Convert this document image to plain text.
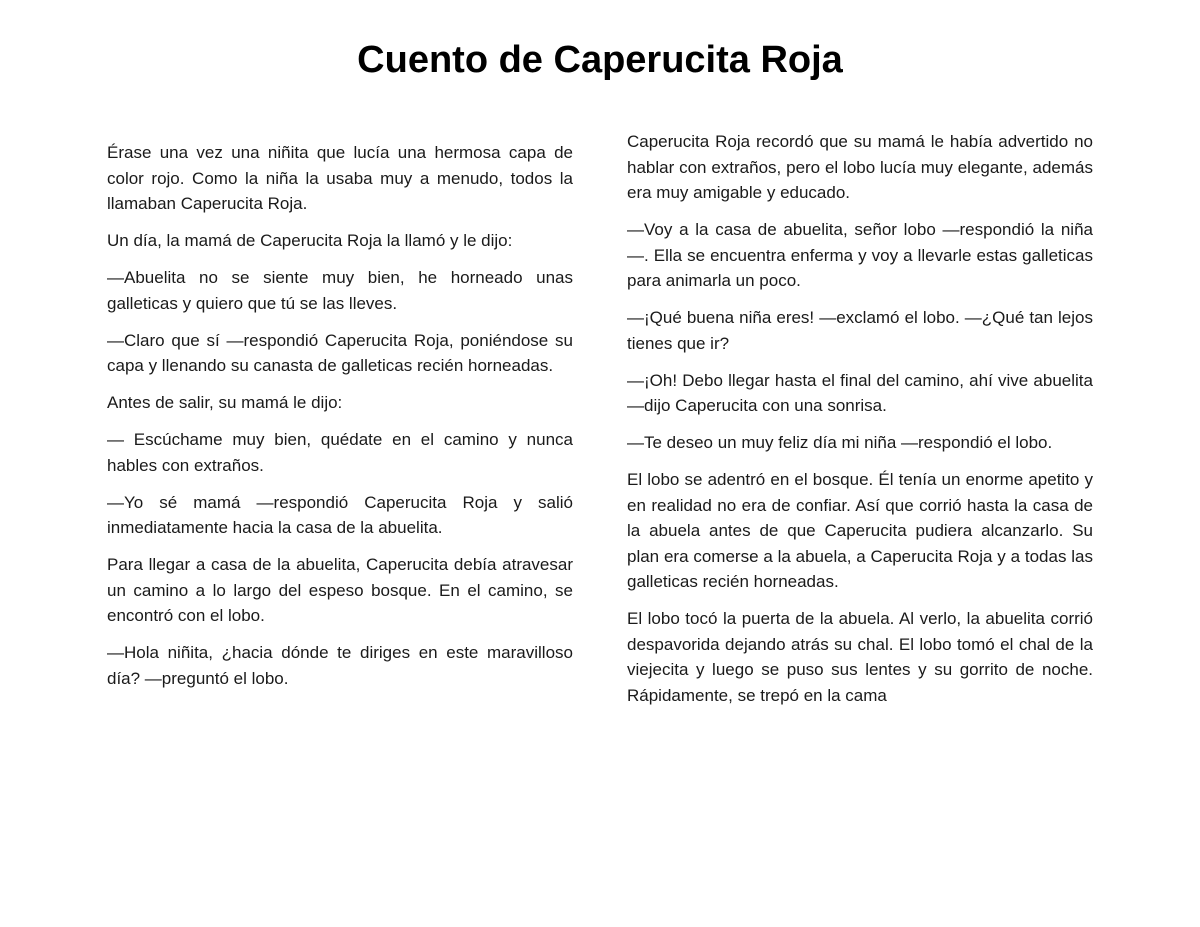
Cuento de Caperucita Roja

Érase una vez una niñita que lucía una hermosa capa de color rojo. Como la niña la usaba muy a menudo, todos la llamaban Caperucita Roja.

Un día, la mamá de Caperucita Roja la llamó y le dijo:

—Abuelita no se siente muy bien, he horneado unas galleticas y quiero que tú se las lleves.

—Claro que sí —respondió Caperucita Roja, poniéndose su capa y llenando su canasta de galleticas recién horneadas.

Antes de salir, su mamá le dijo:

— Escúchame muy bien, quédate en el camino y nunca hables con extraños.

—Yo sé mamá —respondió Caperucita Roja y salió inmediatamente hacia la casa de la abuelita.

Para llegar a casa de la abuelita, Caperucita debía atravesar un camino a lo largo del espeso bosque. En el camino, se encontró con el lobo.

—Hola niñita, ¿hacia dónde te diriges en este maravilloso día? —preguntó el lobo.

Caperucita Roja recordó que su mamá le había advertido no hablar con extraños, pero el lobo lucía muy elegante, además era muy amigable y educado.

—Voy a la casa de abuelita, señor lobo —respondió la niña—. Ella se encuentra enferma y voy a llevarle estas galleticas para animarla un poco.

—¡Qué buena niña eres! —exclamó el lobo. —¿Qué tan lejos tienes que ir?

—¡Oh! Debo llegar hasta el final del camino, ahí vive abuelita—dijo Caperucita con una sonrisa.

—Te deseo un muy feliz día mi niña —respondió el lobo.

El lobo se adentró en el bosque. Él tenía un enorme apetito y en realidad no era de confiar. Así que corrió hasta la casa de la abuela antes de que Caperucita pudiera alcanzarlo. Su plan era comerse a la abuela, a Caperucita Roja y a todas las galleticas recién horneadas.

El lobo tocó la puerta de la abuela. Al verlo, la abuelita corrió despavorida dejando atrás su chal. El lobo tomó el chal de la viejecita y luego se puso sus lentes y su gorrito de noche. Rápidamente, se trepó en la cama
